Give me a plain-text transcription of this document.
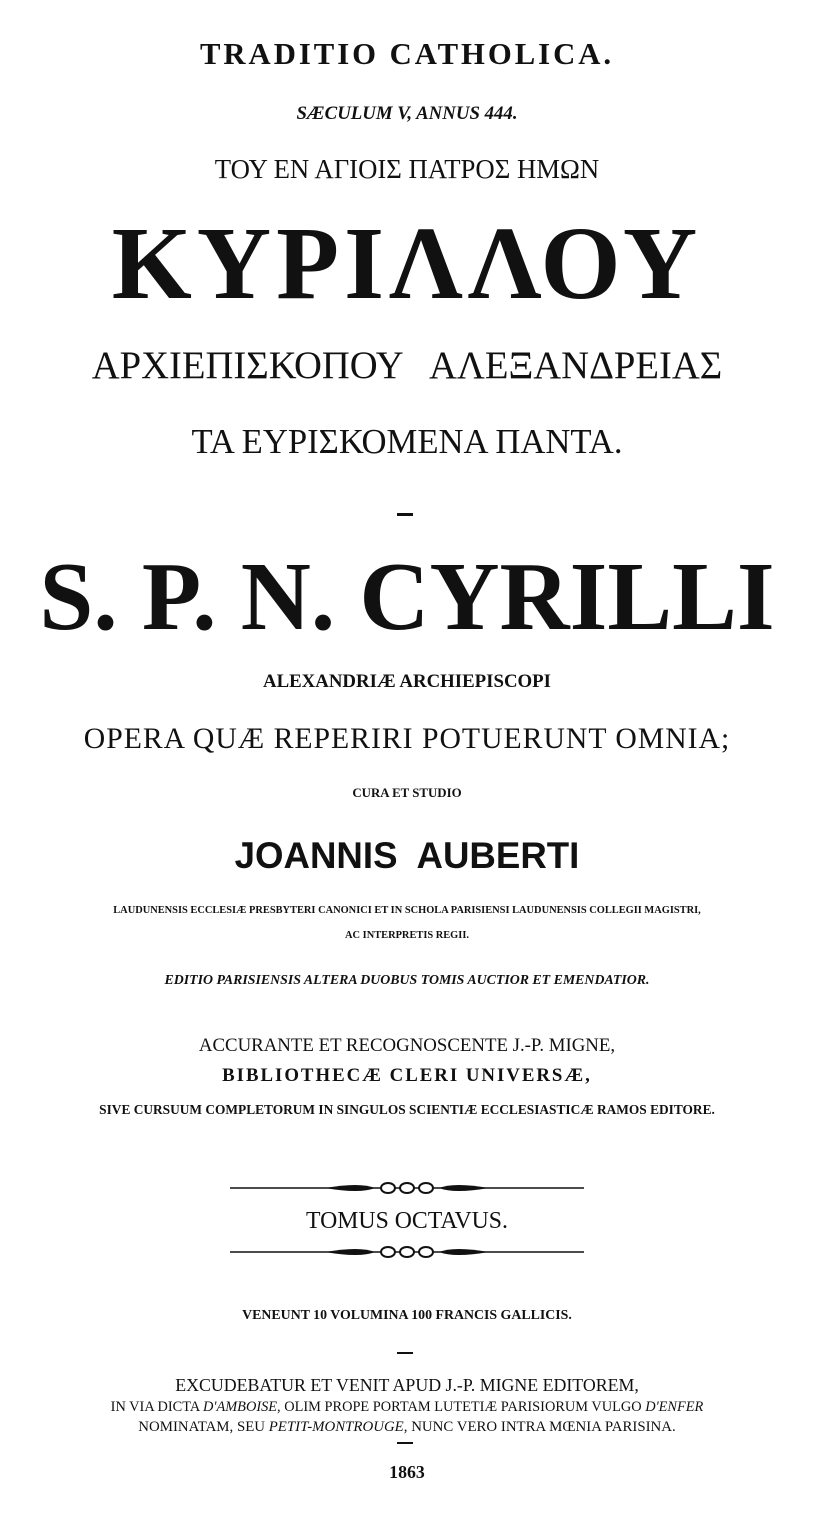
TRADITIO CATHOLICA.
SÆCULUM V, ANNUS 444.
ΤΟΥ ΕΝ ΑΓΙΟΙΣ ΠΑΤΡΟΣ ΗΜΩΝ
ΚΥΡΙΛΛΟΥ
ΑΡΧΙΕΠΙΣΚΟΠΟΥ   ΑΛΕΞΑΝΔΡΕΙΑΣ
ΤΑ ΕΥΡΙΣΚΟΜΕΝΑ ΠΑΝΤΑ.
S. P. N. CYRILLI
ALEXANDRIÆ ARCHIEPISCOPI
OPERA QUÆ REPERIRI POTUERUNT OMNIA;
CURA ET STUDIO
JOANNIS  AUBERTI
LAUDUNENSIS ECCLESIÆ PRESBYTERI CANONICI ET IN SCHOLA PARISIENSI LAUDUNENSIS COLLEGII MAGISTRI,
AC INTERPRETIS REGII.
EDITIO PARISIENSIS ALTERA DUOBUS TOMIS AUCTIOR ET EMENDATIOR.
ACCURANTE ET RECOGNOSCENTE J.-P. MIGNE,
BIBLIOTHECÆ CLERI UNIVERSÆ,
SIVE CURSUUM COMPLETORUM IN SINGULOS SCIENTIÆ ECCLESIASTICÆ RAMOS EDITORE.
TOMUS OCTAVUS.
VENEUNT 10 VOLUMINA 100 FRANCIS GALLICIS.
EXCUDEBATUR ET VENIT APUD J.-P. MIGNE EDITOREM,
IN VIA DICTA D'AMBOISE, OLIM PROPE PORTAM LUTETIÆ PARISIORUM VULGO D'ENFER
NOMINATAM, SEU PETIT-MONTROUGE, NUNC VERO INTRA MŒNIA PARISINA.
1863
